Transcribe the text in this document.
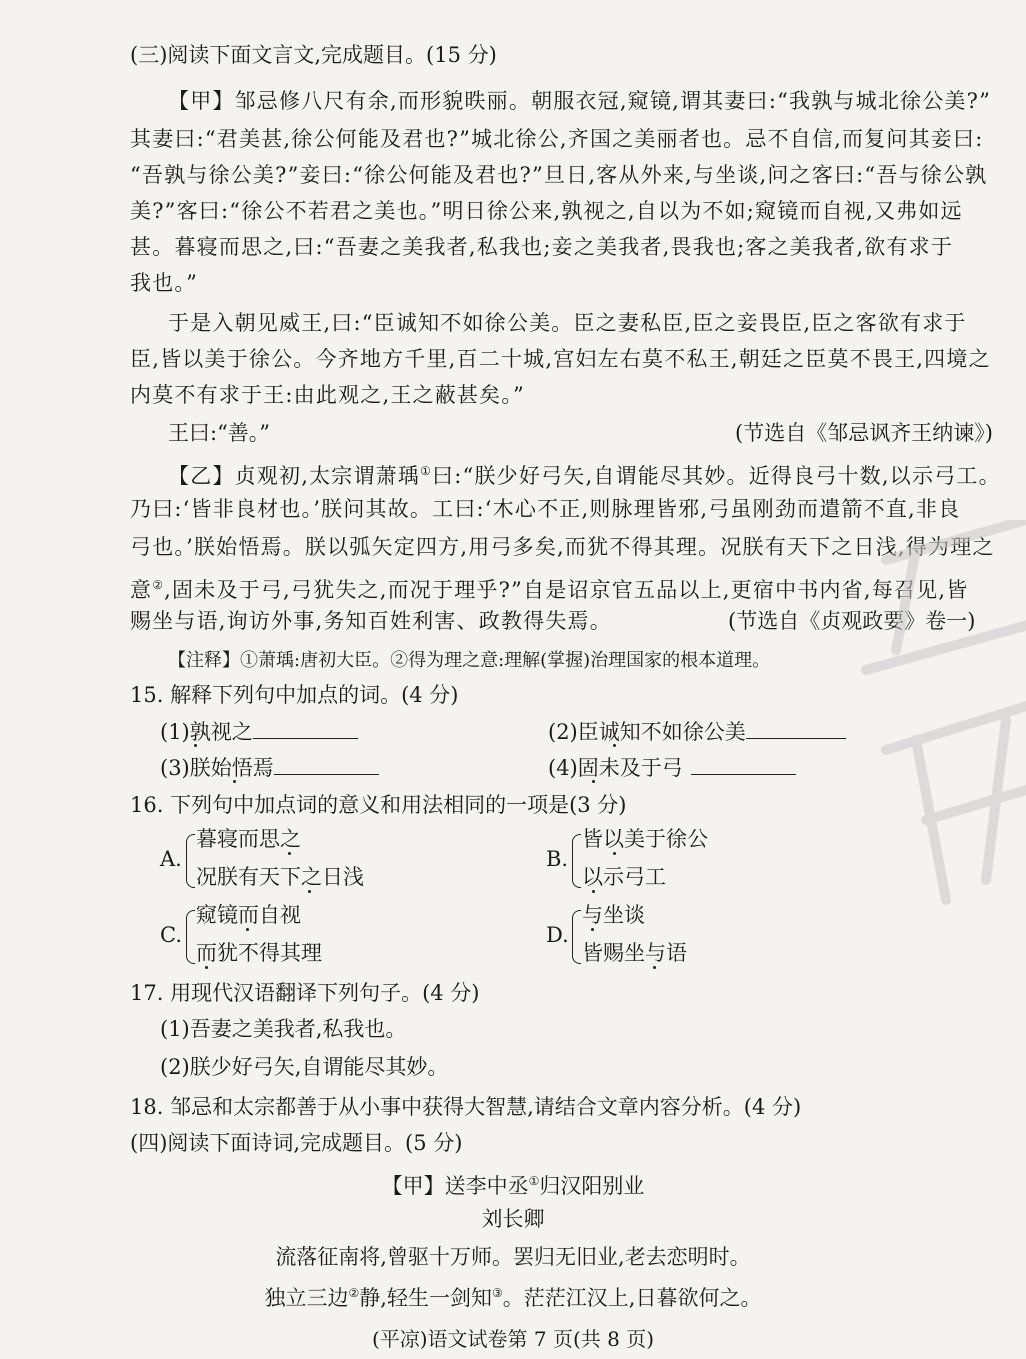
(三)阅读下面文言文,完成题目。(15 分)
【甲】邹忌修八尺有余,而形貌昳丽。朝服衣冠,窥镜,谓其妻曰:“我孰与城北徐公美?”
其妻曰:“君美甚,徐公何能及君也?”城北徐公,齐国之美丽者也。忌不自信,而复问其妾曰:
“吾孰与徐公美?”妾曰:“徐公何能及君也?”旦日,客从外来,与坐谈,问之客曰:“吾与徐公孰
美?”客曰:“徐公不若君之美也。”明日徐公来,孰视之,自以为不如;窥镜而自视,又弗如远
甚。暮寝而思之,曰:“吾妻之美我者,私我也;妾之美我者,畏我也;客之美我者,欲有求于
我也。”
于是入朝见威王,曰:“臣诚知不如徐公美。臣之妻私臣,臣之妾畏臣,臣之客欲有求于
臣,皆以美于徐公。今齐地方千里,百二十城,宫妇左右莫不私王,朝廷之臣莫不畏王,四境之
内莫不有求于王:由此观之,王之蔽甚矣。”
王曰:“善。”	(节选自《邹忌讽齐王纳谏》)
【乙】贞观初,太宗谓萧瑀①曰:“朕少好弓矢,自谓能尽其妙。近得良弓十数,以示弓工。
乃曰:‘皆非良材也。’朕问其故。工曰:‘木心不正,则脉理皆邪,弓虽刚劲而遣箭不直,非良
弓也。’朕始悟焉。朕以弧矢定四方,用弓多矣,而犹不得其理。况朕有天下之日浅,得为理之
意②,固未及于弓,弓犹失之,而况于理乎?”自是诏京官五品以上,更宿中书内省,每召见,皆
赐坐与语,询访外事,务知百姓利害、政教得失焉。	(节选自《贞观政要》卷一)
【注释】①萧瑀:唐初大臣。②得为理之意:理解(掌握)治理国家的根本道理。
15. 解释下列句中加点的词。(4 分)
(1)孰视之	(2)臣诚知不如徐公美
(3)朕始悟焉	(4)固未及于弓
16. 下列句中加点词的意义和用法相同的一项是(3 分)
A.
暮寝而思之
况朕有天下之日浅
B.
皆以美于徐公
以示弓工
C.
窥镜而自视
而犹不得其理
D.
与坐谈
皆赐坐与语
17. 用现代汉语翻译下列句子。(4 分)
(1)吾妻之美我者,私我也。
(2)朕少好弓矢,自谓能尽其妙。
18. 邹忌和太宗都善于从小事中获得大智慧,请结合文章内容分析。(4 分)
(四)阅读下面诗词,完成题目。(5 分)
【甲】送李中丞①归汉阳别业
刘长卿
流落征南将,曾驱十万师。罢归无旧业,老去恋明时。
独立三边②静,轻生一剑知③。茫茫江汉上,日暮欲何之。
(平凉)语文试卷第 7 页(共 8 页)
